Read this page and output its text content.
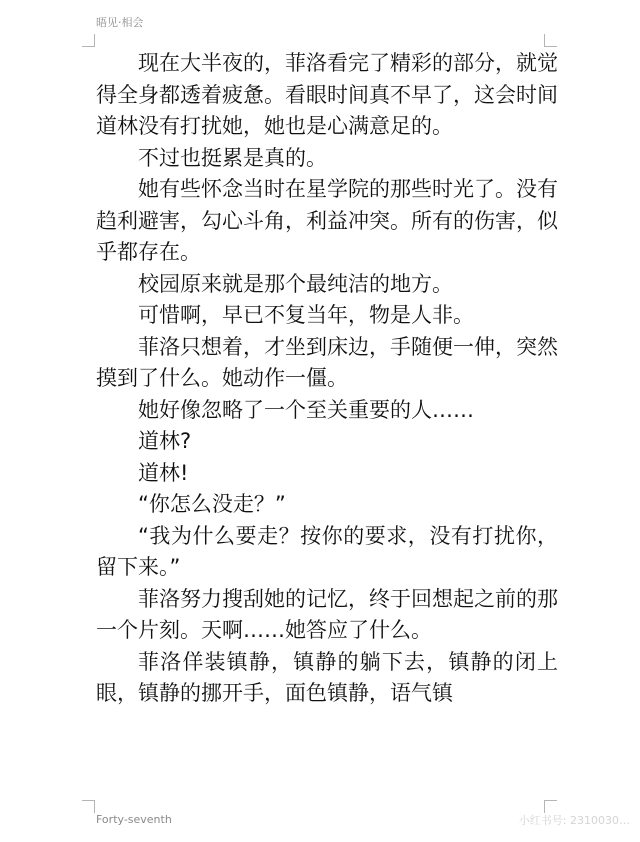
晤见·相会

现在大半夜的，菲洛看完了精彩的部分，就觉得全身都透着疲惫。看眼时间真不早了，这会时间道林没有打扰她，她也是心满意足的。

不过也挺累是真的。

她有些怀念当时在星学院的那些时光了。没有趋利避害，勾心斗角，利益冲突。所有的伤害，似乎都存在。

校园原来就是那个最纯洁的地方。

可惜啊，早已不复当年，物是人非。

菲洛只想着，才坐到床边，手随便一伸，突然摸到了什么。她动作一僵。

她好像忽略了一个至关重要的人……

道林?

道林!

“你怎么没走？”

“我为什么要走？按你的要求，没有打扰你，留下来。”

菲洛努力搜刮她的记忆，终于回想起之前的那一个片刻。天啊……她答应了什么。

菲洛佯装镇静，镇静的躺下去，镇静的闭上眼，镇静的挪开手，面色镇静，语气镇

Forty-seventh	小红书号: 2310030…
